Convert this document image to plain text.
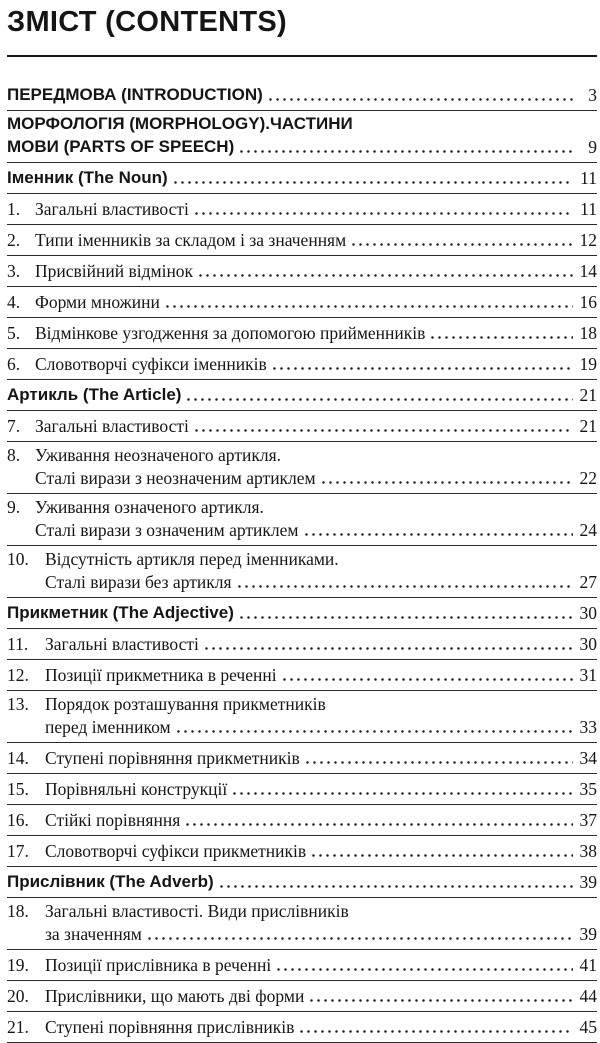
ЗМІСТ (CONTENTS)
ПЕРЕДМОВА (INTRODUCTION)	3
МОРФОЛОГІЯ (MORPHOLOGY).ЧАСТИНИ
МОВИ (PARTS OF SPEECH)	9
Іменник (The Noun)	11
1. Загальні властивості	11
2. Типи іменників за складом і за значенням	12
3. Присвійний відмінок	14
4. Форми множини	16
5. Відмінкове узгодження за допомогою прийменників	18
6. Словотворчі суфікси іменників	19
Артикль (The Article)	21
7. Загальні властивості	21
8. Уживання неозначеного артикля.
Сталі вирази з неозначеним артиклем	22
9. Уживання означеного артикля.
Сталі вирази з означеним артиклем	24
10. Відсутність артикля перед іменниками.
Сталі вирази без артикля	27
Прикметник (The Adjective)	30
11. Загальні властивості	30
12. Позиції прикметника в реченні	31
13. Порядок розташування прикметників
перед іменником	33
14. Ступені порівняння прикметників	34
15. Порівняльні конструкції	35
16. Стійкі порівняння	37
17. Словотворчі суфікси прикметників	38
Прислівник (The Adverb)	39
18. Загальні властивості. Види прислівників
за значенням	39
19. Позиції прислівника в реченні	41
20. Прислівники, що мають дві форми	44
21. Ступені порівняння прислівників	45
